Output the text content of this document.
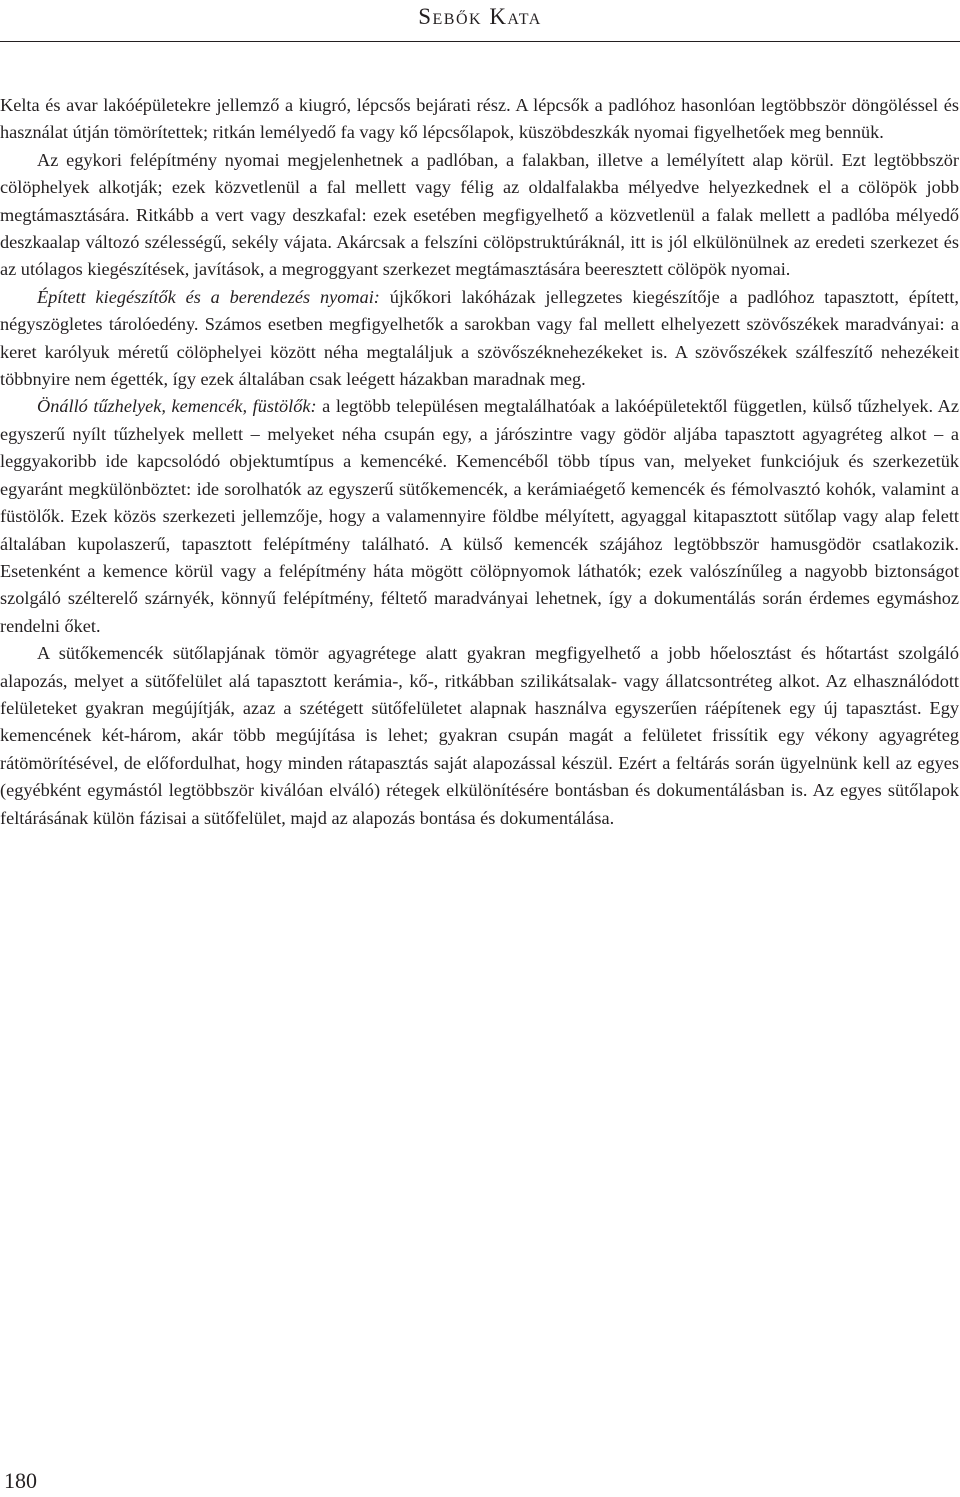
Sebők Kata

Kelta és avar lakóépületekre jellemző a kiugró, lépcsős bejárati rész. A lépcsők a padlóhoz hasonlóan legtöbbször döngöléssel és használat útján tömörítettek; ritkán lemélyedő fa vagy kő lépcsőlapok, küszöbdeszkák nyomai figyelhetőek meg bennük.

Az egykori felépítmény nyomai megjelenhetnek a padlóban, a falakban, illetve a lemélyített alap körül. Ezt legtöbbször cölöphelyek alkotják; ezek közvetlenül a fal mellett vagy félig az oldalfalakba mélyedve helyezkednek el a cölöpök jobb megtámasztására. Ritkább a vert vagy deszkafal: ezek esetében megfigyelhető a közvetlenül a falak mellett a padlóba mélyedő deszkaalap változó szélességű, sekély vájata. Akárcsak a felszíni cölöpstruktúráknál, itt is jól elkülönülnek az eredeti szerkezet és az utólagos kiegészítések, javítások, a megroggyant szerkezet megtámasztására beeresztett cölöpök nyomai.

Épített kiegészítők és a berendezés nyomai: újkőkori lakóházak jellegzetes kiegészítője a padlóhoz tapasztott, épített, négyszögletes tárolóedény. Számos esetben megfigyelhetők a sarokban vagy fal mellett elhelyezett szövőszékek maradványai: a keret karólyuk méretű cölöphelyei között néha megtaláljuk a szövőszéknehezékeket is. A szövőszékek szálfeszítő nehezékeit többnyire nem égették, így ezek általában csak leégett házakban maradnak meg.

Önálló tűzhelyek, kemencék, füstölők: a legtöbb településen megtalálhatóak a lakóépületektől független, külső tűzhelyek. Az egyszerű nyílt tűzhelyek mellett – melyeket néha csupán egy, a járószintre vagy gödör aljába tapasztott agyagréteg alkot – a leggyakoribb ide kapcsolódó objektumtípus a kemencéké. Kemencéből több típus van, melyeket funkciójuk és szerkezetük egyaránt megkülönböztet: ide sorolhatók az egyszerű sütőkemencék, a kerámiaégető kemencék és fémolvasztó kohók, valamint a füstölők. Ezek közös szerkezeti jellemzője, hogy a valamennyire földbe mélyített, agyaggal kitapasztott sütőlap vagy alap felett általában kupolaszerű, tapasztott felépítmény található. A külső kemencék szájához legtöbbször hamusgödör csatlakozik. Esetenként a kemence körül vagy a felépítmény háta mögött cölöpnyomok láthatók; ezek valószínűleg a nagyobb biztonságot szolgáló szélterelő szárnyék, könnyű felépítmény, féltető maradványai lehetnek, így a dokumentálás során érdemes egymáshoz rendelni őket.

A sütőkemencék sütőlapjának tömör agyagrétege alatt gyakran megfigyelhető a jobb hőelosztást és hőtartást szolgáló alapozás, melyet a sütőfelület alá tapasztott kerámia-, kő-, ritkábban szilikátsalak- vagy állatcsontréteg alkot. Az elhasználódott felületeket gyakran megújítják, azaz a szétégett sütőfelületet alapnak használva egyszerűen ráépítenek egy új tapasztást. Egy kemencének két-három, akár több megújítása is lehet; gyakran csupán magát a felületet frissítik egy vékony agyagréteg rátömörítésével, de előfordulhat, hogy minden rátapasztás saját alapozással készül. Ezért a feltárás során ügyelnünk kell az egyes (egyébként egymástól legtöbbször kiválóan elváló) rétegek elkülönítésére bontásban és dokumentálásban is. Az egyes sütőlapok feltárásának külön fázisai a sütőfelület, majd az alapozás bontása és dokumentálása.

180
